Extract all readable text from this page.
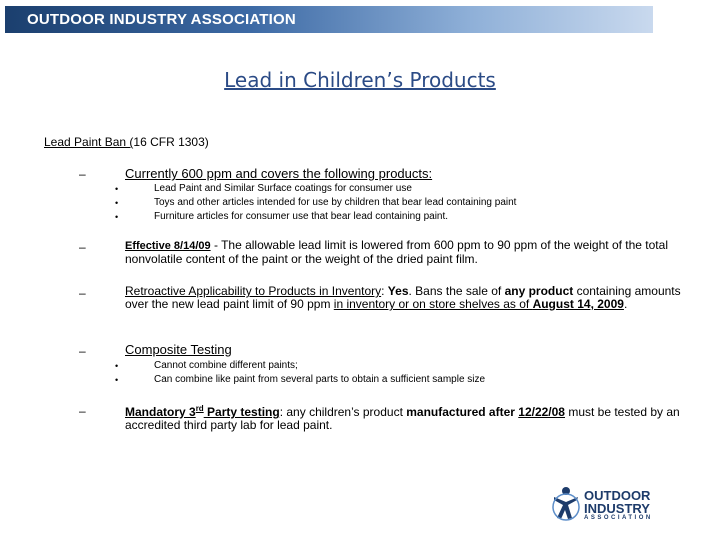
OUTDOOR INDUSTRY ASSOCIATION
Lead in Children’s Products
Lead Paint Ban (16 CFR 1303)
–	Currently 600 ppm and covers the following products:
•	Lead Paint and Similar Surface coatings for consumer use
•	Toys and other articles intended for use by children that bear lead containing paint
•	Furniture articles for consumer use that bear lead containing paint.
–	Effective 8/14/09 - The allowable lead limit is lowered from 600 ppm to 90 ppm of the weight of the total nonvolatile content of the paint or the weight of the dried paint film.
–	Retroactive Applicability to Products in Inventory: Yes. Bans the sale of any product containing amounts over the new lead paint limit of 90 ppm in inventory or on store shelves as of August 14, 2009.
–	Composite Testing
•	Cannot combine different paints;
•	Can combine like paint from several parts to obtain a sufficient sample size
–	Mandatory 3rd Party testing: any children’s product manufactured after 12/22/08 must be tested by an accredited third party lab for lead paint.
OUTDOOR
INDUSTRY
ASSOCIATION
